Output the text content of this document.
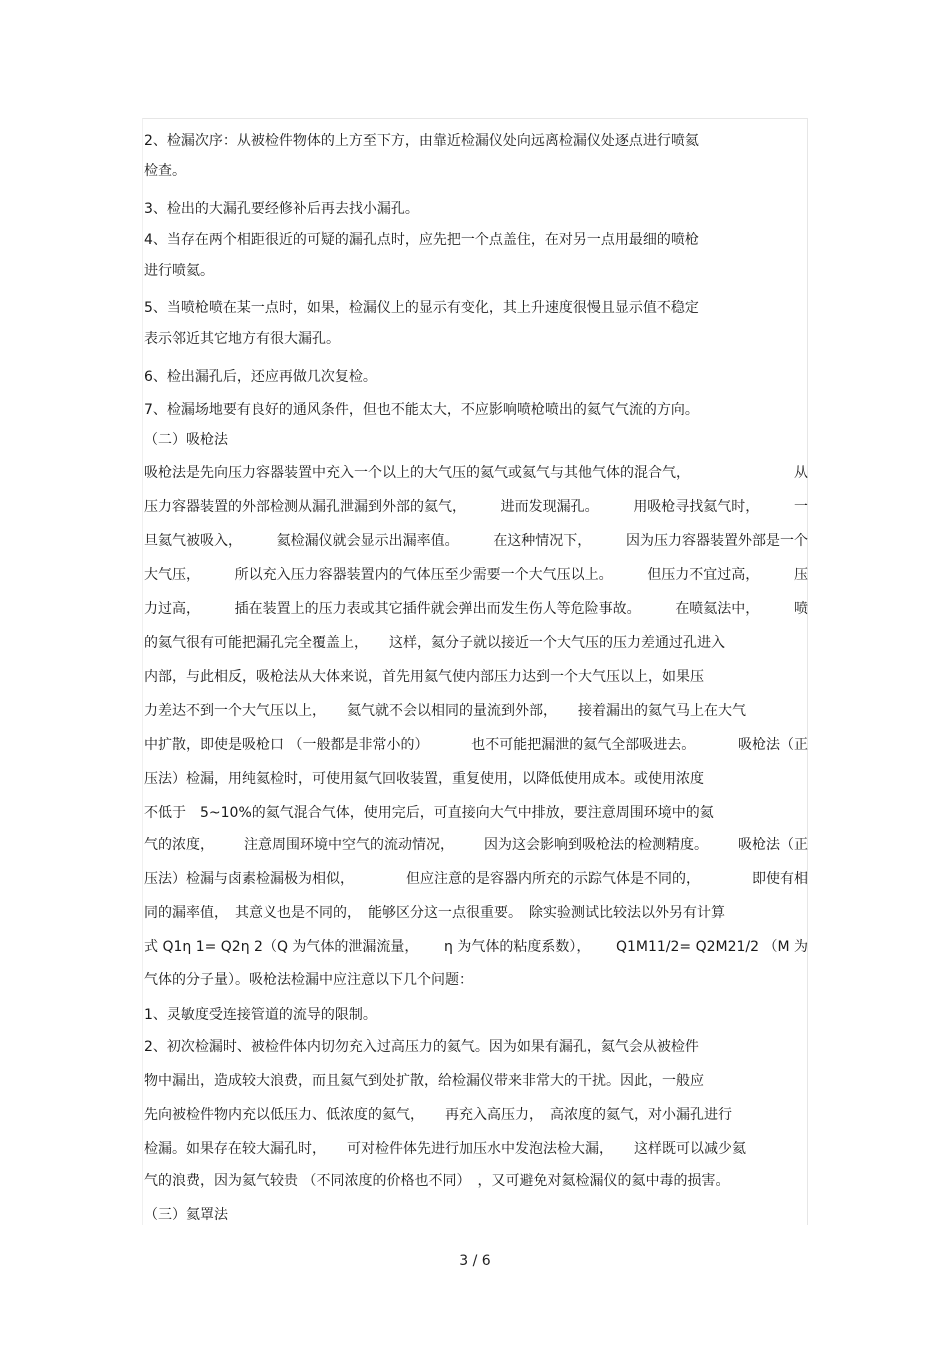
2、检漏次序：从被检件物体的上方至下方，由靠近检漏仪处向远离检漏仪处逐点进行喷氦
检查。
3、检出的大漏孔要经修补后再去找小漏孔。
4、当存在两个相距很近的可疑的漏孔点时，应先把一个点盖住，在对另一点用最细的喷枪
进行喷氦。
5、当喷枪喷在某一点时，如果，检漏仪上的显示有变化，其上升速度很慢且显示值不稳定
表示邻近其它地方有很大漏孔。
6、检出漏孔后，还应再做几次复检。
7、检漏场地要有良好的通风条件，但也不能太大，不应影响喷枪喷出的氦气气流的方向。
（二）吸枪法
吸枪法是先向压力容器装置中充入一个以上的大气压的氦气或氦气与其他气体的混合气，	从
压力容器装置的外部检测从漏孔泄漏到外部的氦气， 进而发现漏孔。 用吸枪寻找氦气时， 一
旦氦气被吸入， 氦检漏仪就会显示出漏率值。 在这种情况下， 因为压力容器装置外部是一个
大气压， 所以充入压力容器装置内的气体压至少需要一个大气压以上。 但压力不宜过高， 压
力过高， 插在装置上的压力表或其它插件就会弹出而发生伤人等危险事故。 在喷氦法中， 喷
的氦气很有可能把漏孔完全覆盖上，　　这样，氦分子就以接近一个大气压的压力差通过孔进入
内部，与此相反，吸枪法从大体来说，首先用氦气使内部压力达到一个大气压以上，如果压
力差达不到一个大气压以上，　　氦气就不会以相同的量流到外部，　　接着漏出的氦气马上在大气
中扩散，即使是吸枪口 （一般都是非常小的）	也不可能把漏泄的氦气全部吸进去。	吸枪法（正
压法）检漏，用纯氦检时，可使用氦气回收装置，重复使用，以降低使用成本。或使用浓度
不低于　5~10%的氦气混合气体，使用完后，可直接向大气中排放，要注意周围环境中的氦
气的浓度， 注意周围环境中空气的流动情况， 因为这会影响到吸枪法的检测精度。 吸枪法（正
压法）检漏与卤素检漏极为相似，	但应注意的是容器内所充的示踪气体是不同的，	即使有相
同的漏率值，　其意义也是不同的，　能够区分这一点很重要。　除实验测试比较法以外另有计算
式 Q1η 1= Q2η 2（Q 为气体的泄漏流量， η 为气体的粘度系数）， Q1M11/2= Q2M21/2 （M 为
气体的分子量）。吸枪法检漏中应注意以下几个问题：
1、灵敏度受连接管道的流导的限制。
2、初次检漏时、被检件体内切勿充入过高压力的氦气。因为如果有漏孔，氦气会从被检件
物中漏出，造成较大浪费，而且氦气到处扩散，给检漏仪带来非常大的干扰。因此，一般应
先向被检件物内充以低压力、低浓度的氦气，　　再充入高压力，　高浓度的氦气，对小漏孔进行
检漏。如果存在较大漏孔时，　　可对检件体先进行加压水中发泡法检大漏，　　这样既可以减少氦
气的浪费，因为氦气较贵 （不同浓度的价格也不同）　，又可避免对氦检漏仪的氦中毒的损害。
（三）氦罩法
3 / 6
